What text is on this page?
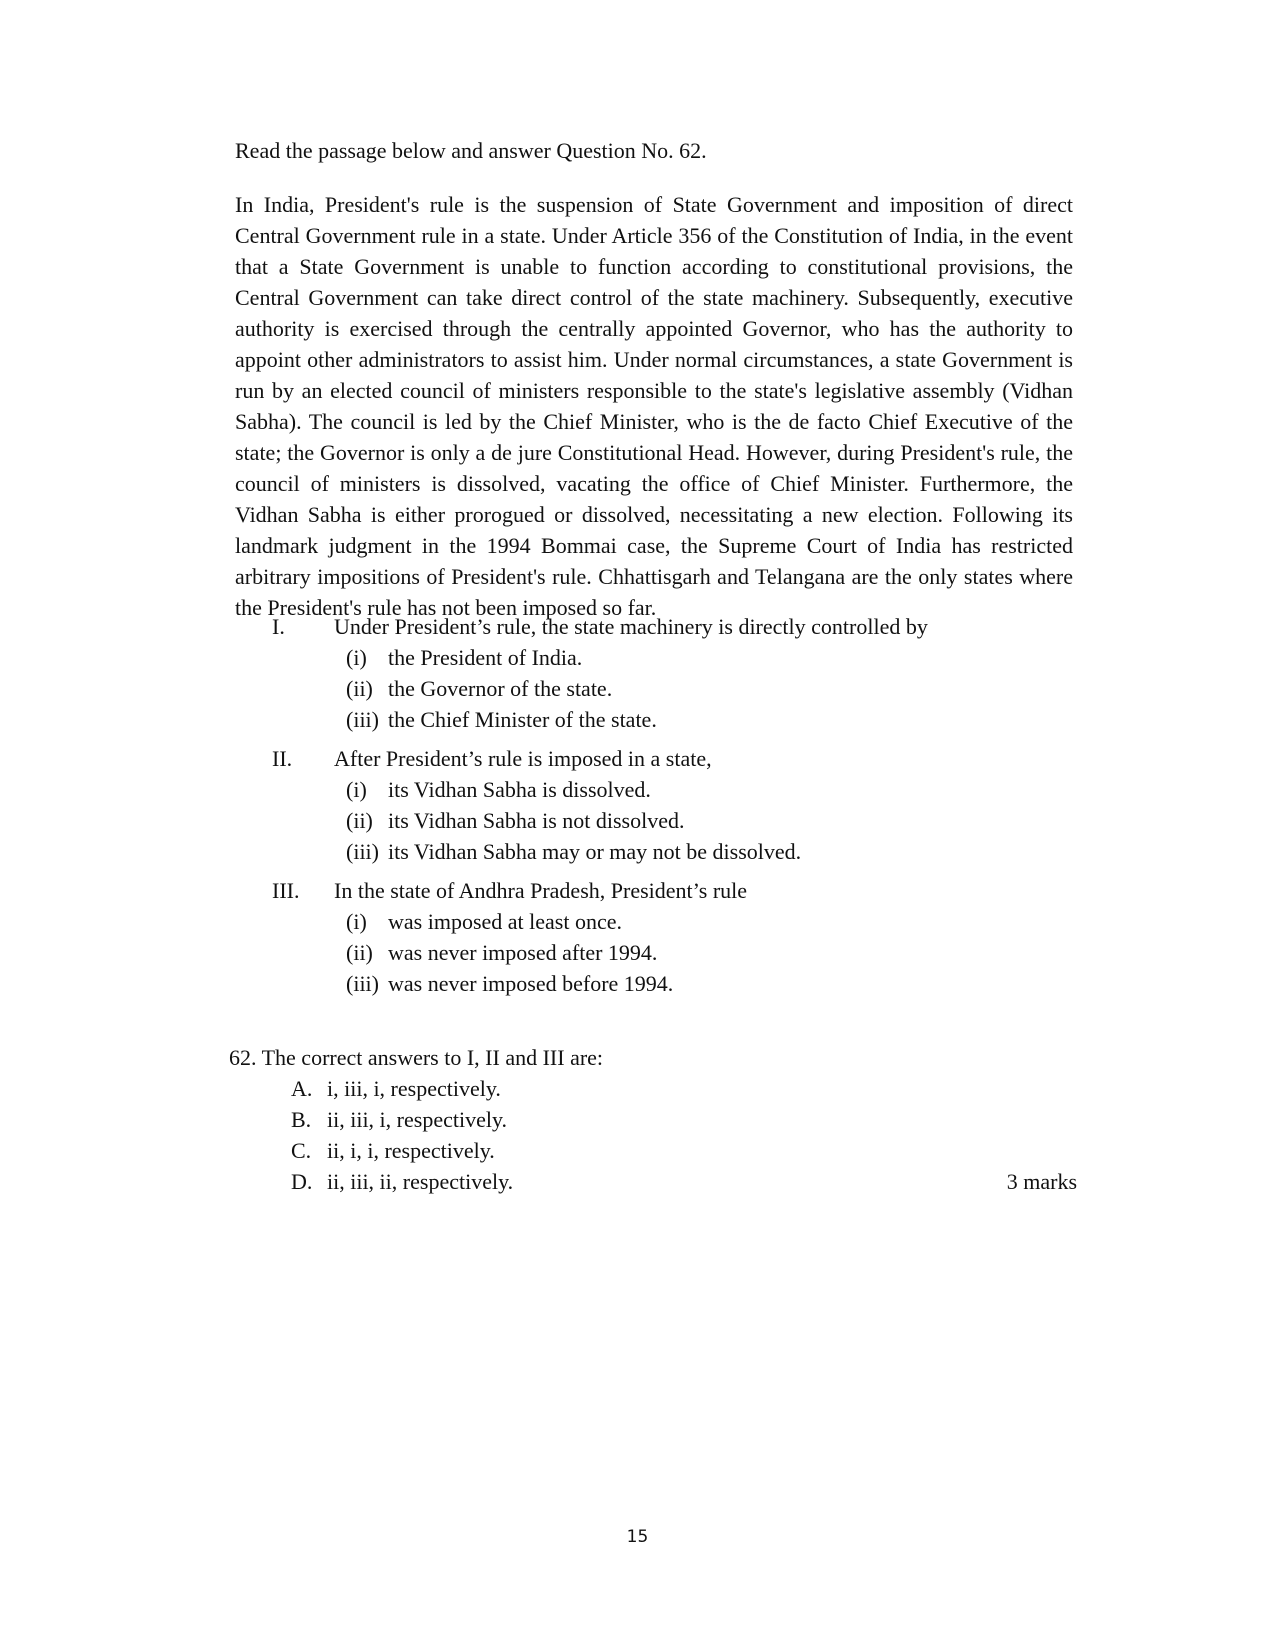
Read the passage below and answer Question No. 62.
In India, President's rule is the suspension of State Government and imposition of direct Central Government rule in a state. Under Article 356 of the Constitution of India, in the event that a State Government is unable to function according to constitutional provisions, the Central Government can take direct control of the state machinery. Subsequently, executive authority is exercised through the centrally appointed Governor, who has the authority to appoint other administrators to assist him. Under normal circumstances, a state Government is run by an elected council of ministers responsible to the state's legislative assembly (Vidhan Sabha). The council is led by the Chief Minister, who is the de facto Chief Executive of the state; the Governor is only a de jure Constitutional Head. However, during President's rule, the council of ministers is dissolved, vacating the office of Chief Minister. Furthermore, the Vidhan Sabha is either prorogued or dissolved, necessitating a new election. Following its landmark judgment in the 1994 Bommai case, the Supreme Court of India has restricted arbitrary impositions of President's rule. Chhattisgarh and Telangana are the only states where the President's rule has not been imposed so far.
I. Under President’s rule, the state machinery is directly controlled by
(i) the President of India.
(ii) the Governor of the state.
(iii) the Chief Minister of the state.
II. After President’s rule is imposed in a state,
(i) its Vidhan Sabha is dissolved.
(ii) its Vidhan Sabha is not dissolved.
(iii) its Vidhan Sabha may or may not be dissolved.
III. In the state of Andhra Pradesh, President’s rule
(i) was imposed at least once.
(ii) was never imposed after 1994.
(iii) was never imposed before 1994.
62. The correct answers to I, II and III are:
A. i, iii, i, respectively.
B. ii, iii, i, respectively.
C. ii, i, i, respectively.
D. ii, iii, ii, respectively.	3 marks
15
